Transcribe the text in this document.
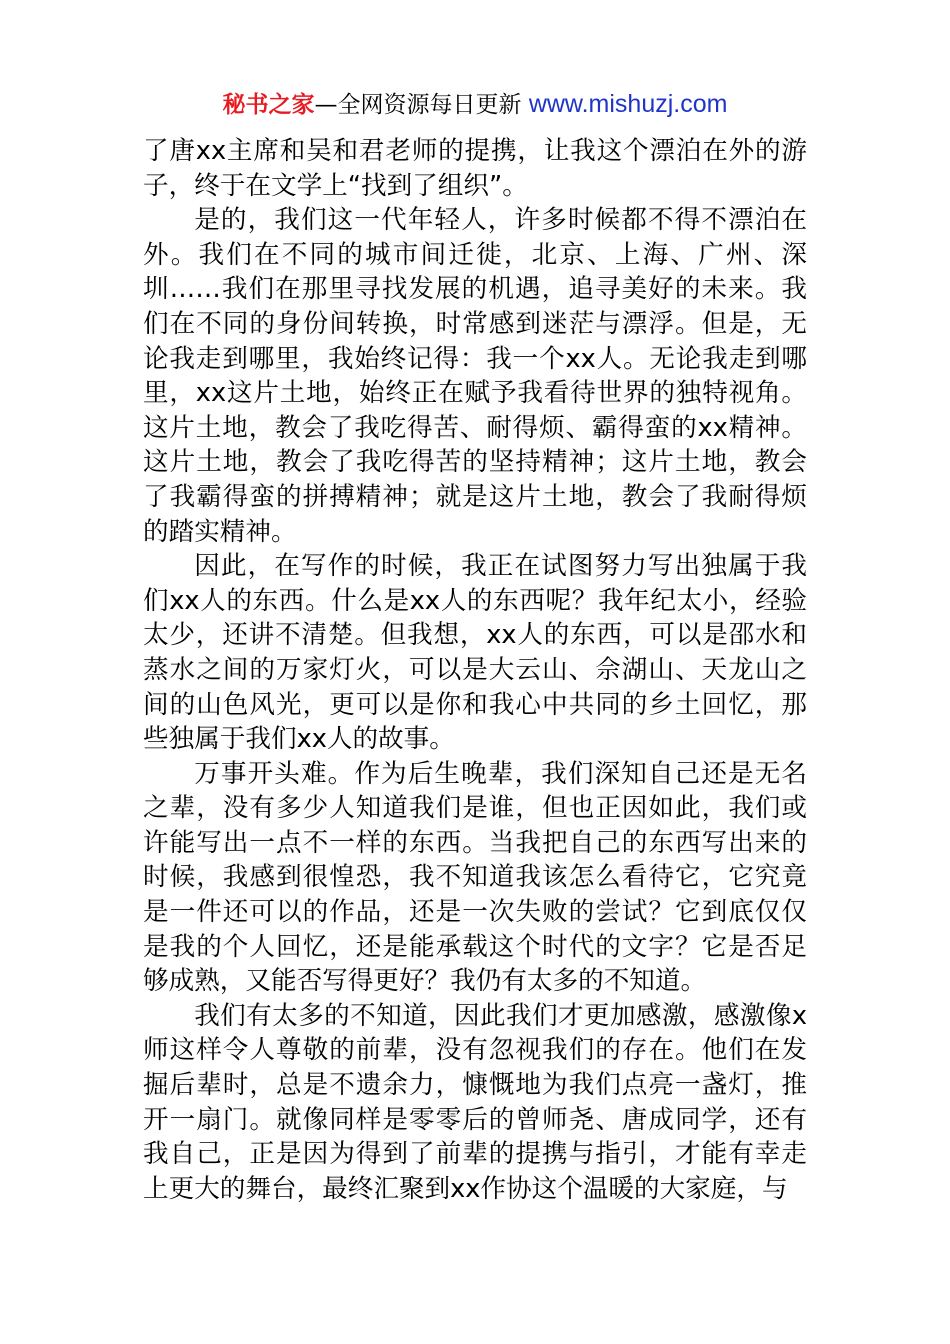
秘书之家—全网资源每日更新 www.mishuzj.com

了唐xx主席和吴和君老师的提携，让我这个漂泊在外的游子，终于在文学上“找到了组织”。

是的，我们这一代年轻人，许多时候都不得不漂泊在外。我们在不同的城市间迁徙，北京、上海、广州、深圳……我们在那里寻找发展的机遇，追寻美好的未来。我们在不同的身份间转换，时常感到迷茫与漂浮。但是，无论我走到哪里，我始终记得：我一个xx人。无论我走到哪里，xx这片土地，始终正在赋予我看待世界的独特视角。这片土地，教会了我吃得苦、耐得烦、霸得蛮的xx精神。这片土地，教会了我吃得苦的坚持精神；这片土地，教会了我霸得蛮的拼搏精神；就是这片土地，教会了我耐得烦的踏实精神。

因此，在写作的时候，我正在试图努力写出独属于我们xx人的东西。什么是xx人的东西呢？我年纪太小，经验太少，还讲不清楚。但我想，xx人的东西，可以是邵水和蒸水之间的万家灯火，可以是大云山、佘湖山、天龙山之间的山色风光，更可以是你和我心中共同的乡土回忆，那些独属于我们xx人的故事。

万事开头难。作为后生晚辈，我们深知自己还是无名之辈，没有多少人知道我们是谁，但也正因如此，我们或许能写出一点不一样的东西。当我把自己的东西写出来的时候，我感到很惶恐，我不知道我该怎么看待它，它究竟是一件还可以的作品，还是一次失败的尝试？它到底仅仅是我的个人回忆，还是能承载这个时代的文字？它是否足够成熟，又能否写得更好？我仍有太多的不知道。

我们有太多的不知道，因此我们才更加感激，感激像x师这样令人尊敬的前辈，没有忽视我们的存在。他们在发掘后辈时，总是不遗余力，慷慨地为我们点亮一盏灯，推开一扇门。就像同样是零零后的曾师尧、唐成同学，还有我自己，正是因为得到了前辈的提携与指引，才能有幸走上更大的舞台，最终汇聚到xx作协这个温暖的大家庭，与
